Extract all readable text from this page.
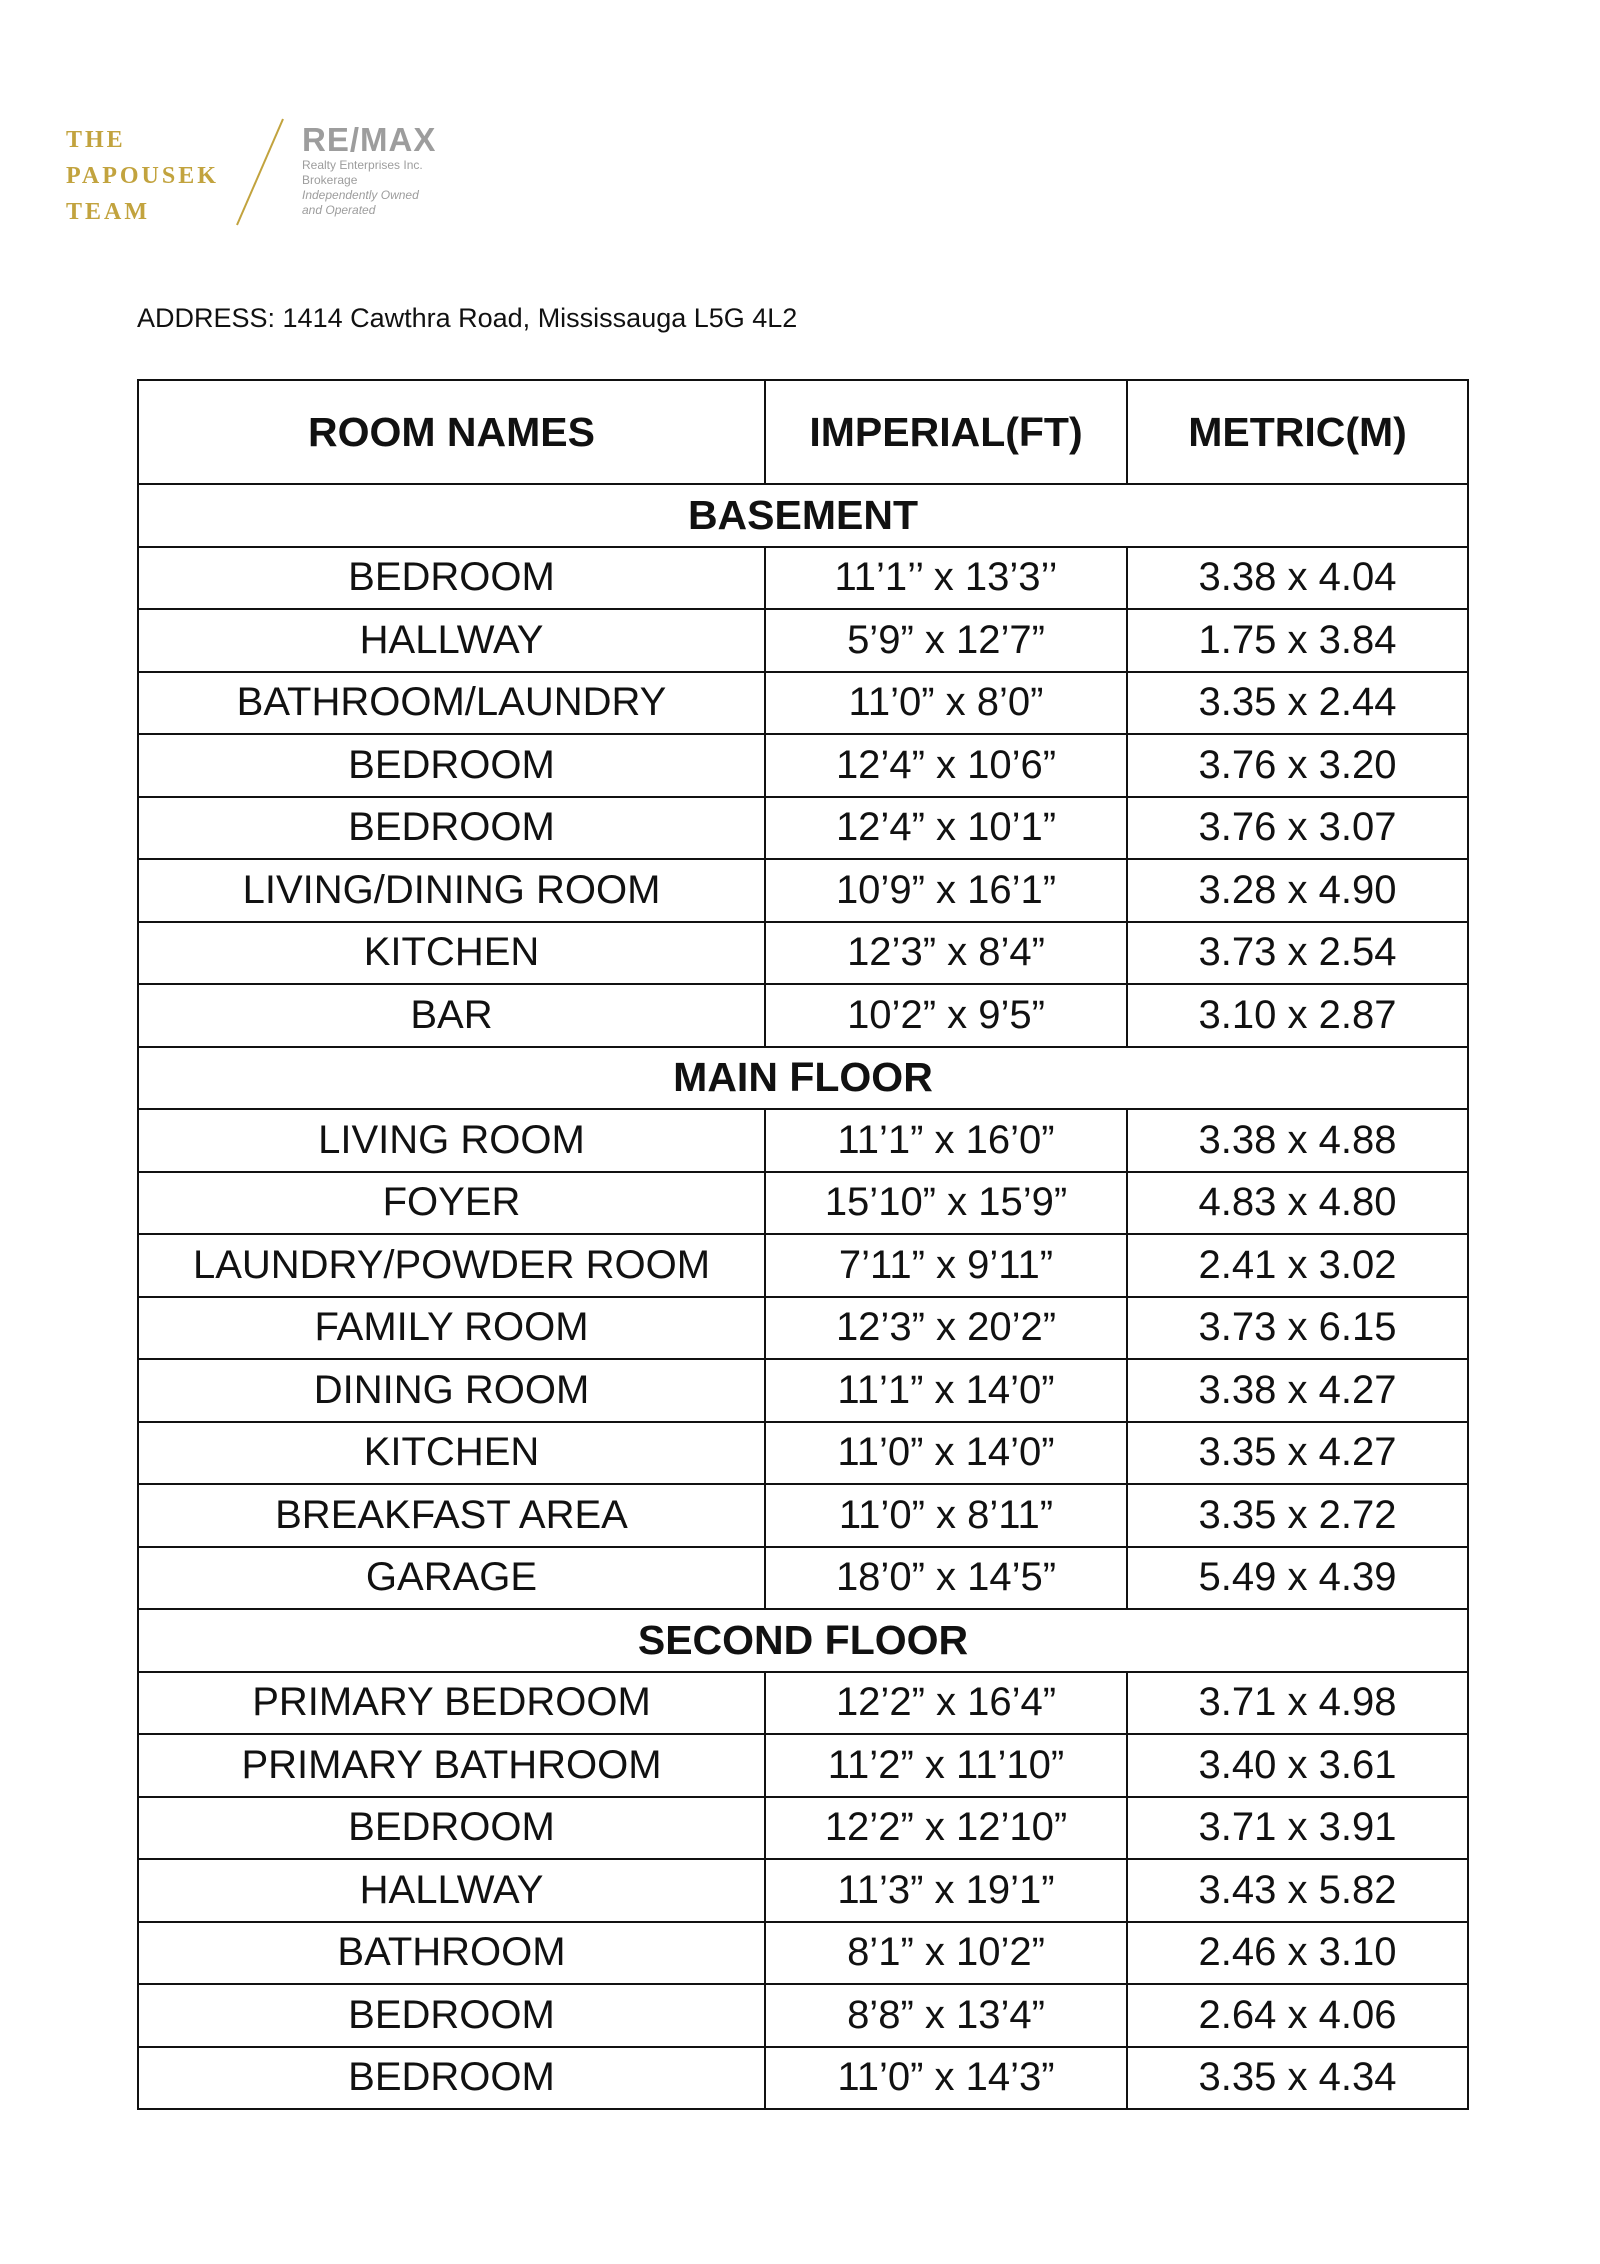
THE
PAPOUSEK
TEAM
RE/MAX
Realty Enterprises Inc.
Brokerage
Independently Owned
and Operated
ADDRESS: 1414 Cawthra Road, Mississauga L5G 4L2
ROOM NAMES	IMPERIAL(FT)	METRIC(M)
BASEMENT		
BEDROOM	11’1’’ x 13’3’’	3.38 x 4.04
HALLWAY	5’9” x 12’7”	1.75 x 3.84
BATHROOM/LAUNDRY	11’0” x 8’0”	3.35 x 2.44
BEDROOM	12’4” x 10’6”	3.76 x 3.20
BEDROOM	12’4” x 10’1”	3.76 x 3.07
LIVING/DINING ROOM	10’9” x 16’1”	3.28 x 4.90
KITCHEN	12’3” x 8’4”	3.73 x 2.54
BAR	10’2” x 9’5”	3.10 x 2.87
MAIN FLOOR		
LIVING ROOM	11’1” x 16’0”	3.38 x 4.88
FOYER	15’10” x 15’9”	4.83 x 4.80
LAUNDRY/POWDER ROOM	7’11” x 9’11”	2.41 x 3.02
FAMILY ROOM	12’3” x 20’2”	3.73 x 6.15
DINING ROOM	11’1” x 14’0”	3.38 x 4.27
KITCHEN	11’0” x 14’0”	3.35 x 4.27
BREAKFAST AREA	11’0” x 8’11”	3.35 x 2.72
GARAGE	18’0” x 14’5”	5.49 x 4.39
SECOND FLOOR		
PRIMARY BEDROOM	12’2” x 16’4”	3.71 x 4.98
PRIMARY BATHROOM	11’2” x 11’10”	3.40 x 3.61
BEDROOM	12’2” x 12’10”	3.71 x 3.91
HALLWAY	11’3” x 19’1”	3.43 x 5.82
BATHROOM	8’1” x 10’2”	2.46 x 3.10
BEDROOM	8’8” x 13’4”	2.64 x 4.06
BEDROOM	11’0” x 14’3”	3.35 x 4.34
